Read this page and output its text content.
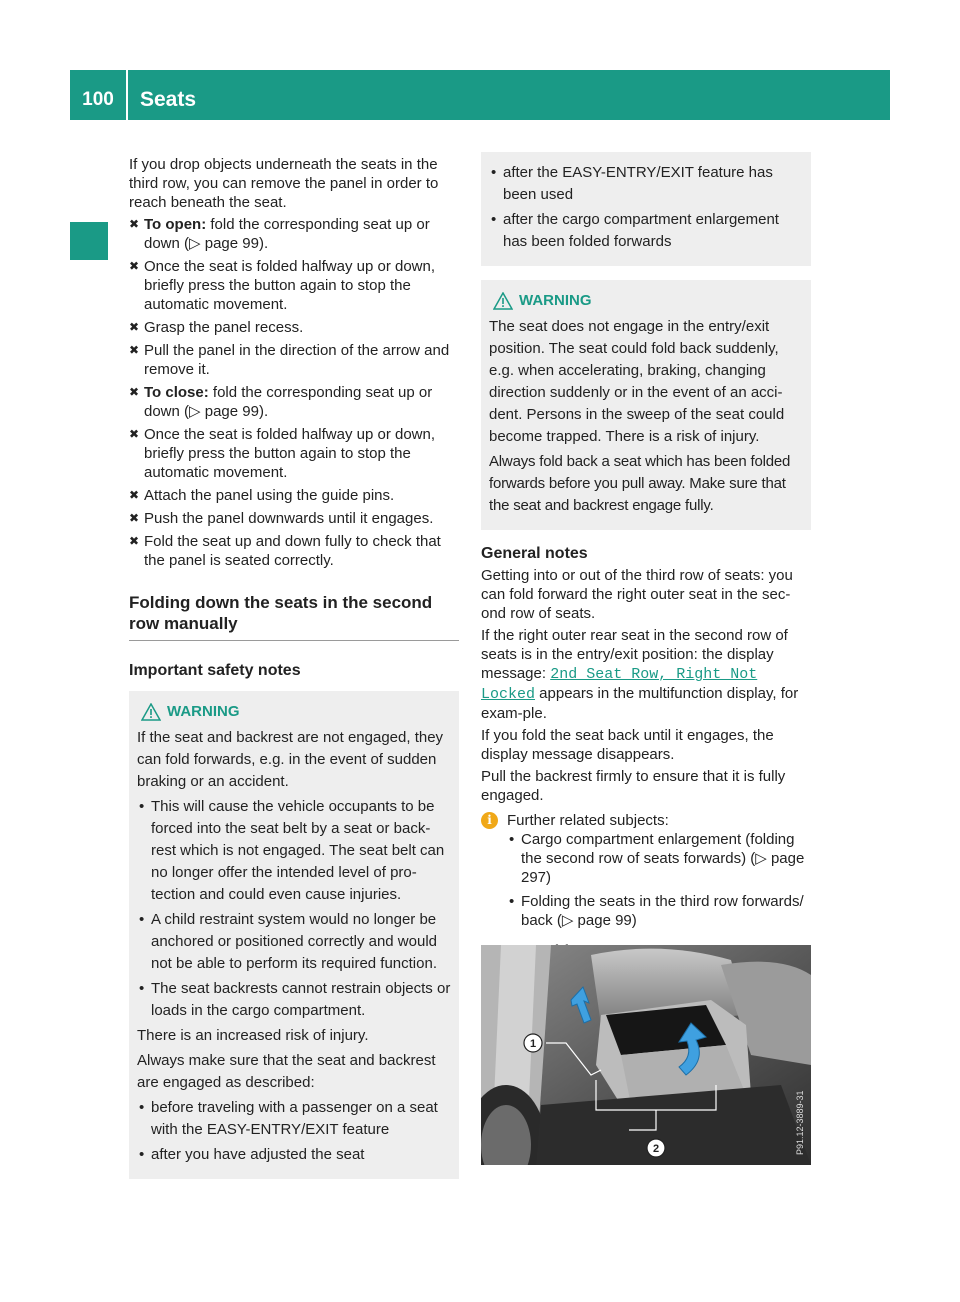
100	Seats

If you drop objects underneath the seats in the third row, you can remove the panel in order to reach beneath the seat.

✖ To open: fold the corresponding seat up or down (▷ page 99).
✖ Once the seat is folded halfway up or down, briefly press the button again to stop the automatic movement.
✖ Grasp the panel recess.
✖ Pull the panel in the direction of the arrow and remove it.
✖ To close: fold the corresponding seat up or down (▷ page 99).
✖ Once the seat is folded halfway up or down, briefly press the button again to stop the automatic movement.
✖ Attach the panel using the guide pins.
✖ Push the panel downwards until it engages.
✖ Fold the seat up and down fully to check that the panel is seated correctly.
Folding down the seats in the second row manually
Important safety notes
WARNING

If the seat and backrest are not engaged, they can fold forwards, e.g. in the event of sudden braking or an accident.

• This will cause the vehicle occupants to be forced into the seat belt by a seat or back-rest which is not engaged. The seat belt can no longer offer the intended level of pro-tection and could even cause injuries.
• A child restraint system would no longer be anchored or positioned correctly and would not be able to perform its required function.
• The seat backrests cannot restrain objects or loads in the cargo compartment.

There is an increased risk of injury.

Always make sure that the seat and backrest are engaged as described:

• before traveling with a passenger on a seat with the EASY-ENTRY/EXIT feature
• after you have adjusted the seat
• after the EASY-ENTRY/EXIT feature has been used
• after the cargo compartment enlargement has been folded forwards
WARNING

The seat does not engage in the entry/exit position. The seat could fold back suddenly, e.g. when accelerating, braking, changing direction suddenly or in the event of an acci-dent. Persons in the sweep of the seat could become trapped. There is a risk of injury.

Always fold back a seat which has been folded forwards before you pull away. Make sure that the seat and backrest engage fully.

General notes

Getting into or out of the third row of seats: you can fold forward the right outer seat in the sec-ond row of seats.

If the right outer rear seat in the second row of seats is in the entry/exit position: the display message: 2nd Seat Row, Right Not Locked appears in the multifunction display, for exam-ple.

If you fold the seat back until it engages, the display message disappears.

Pull the backrest firmly to ensure that it is fully engaged.

i	Further related subjects:
• Cargo compartment enlargement (folding the second row of seats forwards) (▷ page 297)
• Folding the seats in the third row forwards/ back (▷ page 99)
1
2	P91.12-3889-31
